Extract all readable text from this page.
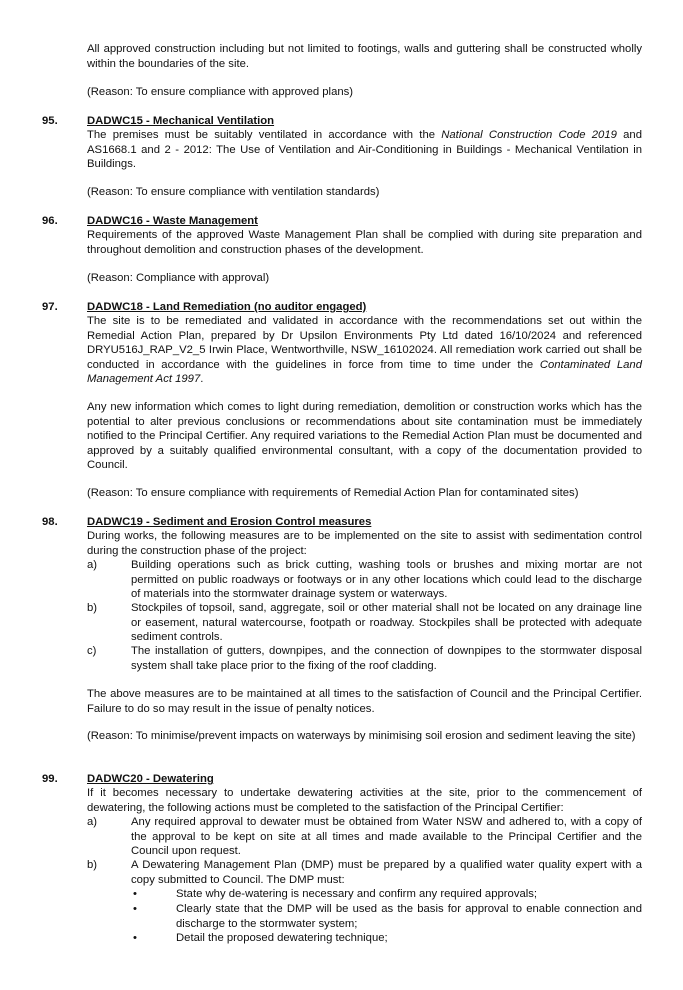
All approved construction including but not limited to footings, walls and guttering shall be constructed wholly within the boundaries of the site.

(Reason: To ensure compliance with approved plans)

95.	DADWC15 - Mechanical Ventilation

The premises must be suitably ventilated in accordance with the National Construction Code 2019 and AS1668.1 and 2 - 2012: The Use of Ventilation and Air-Conditioning in Buildings - Mechanical Ventilation in Buildings.

(Reason: To ensure compliance with ventilation standards)

96.	DADWC16 - Waste Management

Requirements of the approved Waste Management Plan shall be complied with during site preparation and throughout demolition and construction phases of the development.

(Reason: Compliance with approval)

97.	DADWC18 - Land Remediation (no auditor engaged)

The site is to be remediated and validated in accordance with the recommendations set out within the Remedial Action Plan, prepared by Dr Upsilon Environments Pty Ltd dated 16/10/2024 and referenced DRYU516J_RAP_V2_5 Irwin Place, Wentworthville, NSW_16102024. All remediation work carried out shall be conducted in accordance with the guidelines in force from time to time under the Contaminated Land Management Act 1997.

Any new information which comes to light during remediation, demolition or construction works which has the potential to alter previous conclusions or recommendations about site contamination must be immediately notified to the Principal Certifier. Any required variations to the Remedial Action Plan must be documented and approved by a suitably qualified environmental consultant, with a copy of the documentation provided to Council.

(Reason: To ensure compliance with requirements of Remedial Action Plan for contaminated sites)

98.	DADWC19 - Sediment and Erosion Control measures

During works, the following measures are to be implemented on the site to assist with sedimentation control during the construction phase of the project:

a)	Building operations such as brick cutting, washing tools or brushes and mixing mortar are not permitted on public roadways or footways or in any other locations which could lead to the discharge of materials into the stormwater drainage system or waterways.

b)	Stockpiles of topsoil, sand, aggregate, soil or other material shall not be located on any drainage line or easement, natural watercourse, footpath or roadway. Stockpiles shall be protected with adequate sediment controls.

c)	The installation of gutters, downpipes, and the connection of downpipes to the stormwater disposal system shall take place prior to the fixing of the roof cladding.

The above measures are to be maintained at all times to the satisfaction of Council and the Principal Certifier. Failure to do so may result in the issue of penalty notices.

(Reason: To minimise/prevent impacts on waterways by minimising soil erosion and sediment leaving the site)

99.	DADWC20 - Dewatering

If it becomes necessary to undertake dewatering activities at the site, prior to the commencement of dewatering, the following actions must be completed to the satisfaction of the Principal Certifier:

a)	Any required approval to dewater must be obtained from Water NSW and adhered to, with a copy of the approval to be kept on site at all times and made available to the Principal Certifier and the Council upon request.

b)	A Dewatering Management Plan (DMP) must be prepared by a qualified water quality expert with a copy submitted to Council. The DMP must:

•	State why de-watering is necessary and confirm any required approvals;

•	Clearly state that the DMP will be used as the basis for approval to enable connection and discharge to the stormwater system;

•	Detail the proposed dewatering technique;
